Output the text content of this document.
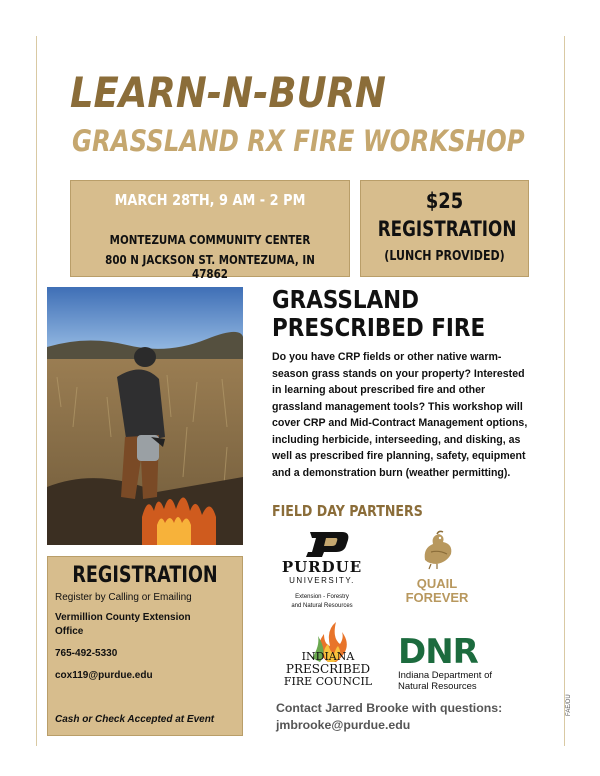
LEARN-N-BURN
GRASSLAND RX FIRE WORKSHOP
MARCH 28TH, 9 AM - 2 PM
MONTEZUMA COMMUNITY CENTER
800 N JACKSON ST. MONTEZUMA, IN 47862
$25
REGISTRATION
(LUNCH PROVIDED)
GRASSLAND
PRESCRIBED FIRE
Do you have CRP fields or other native warm-season grass stands on your property? Interested in learning about prescribed fire and other grassland management tools? This workshop will cover CRP and Mid-Contract Management options, including herbicide, interseeding, and disking, as well as prescribed fire planning, safety, equipment and a demonstration burn (weather permitting).
FIELD DAY PARTNERS
PURDUE
UNIVERSITY.
Extension - Forestry
and Natural Resources
QUAIL
FOREVER
INDIANA
PRESCRIBED
FIRE COUNCIL
DNR
Indiana Department of
Natural Resources
REGISTRATION
Register by Calling or Emailing
Vermillion County Extension
Office
765-492-5330
cox119@purdue.edu
Cash or Check Accepted at Event
Contact Jarred Brooke with questions:
jmbrooke@purdue.edu
FAE/DU
